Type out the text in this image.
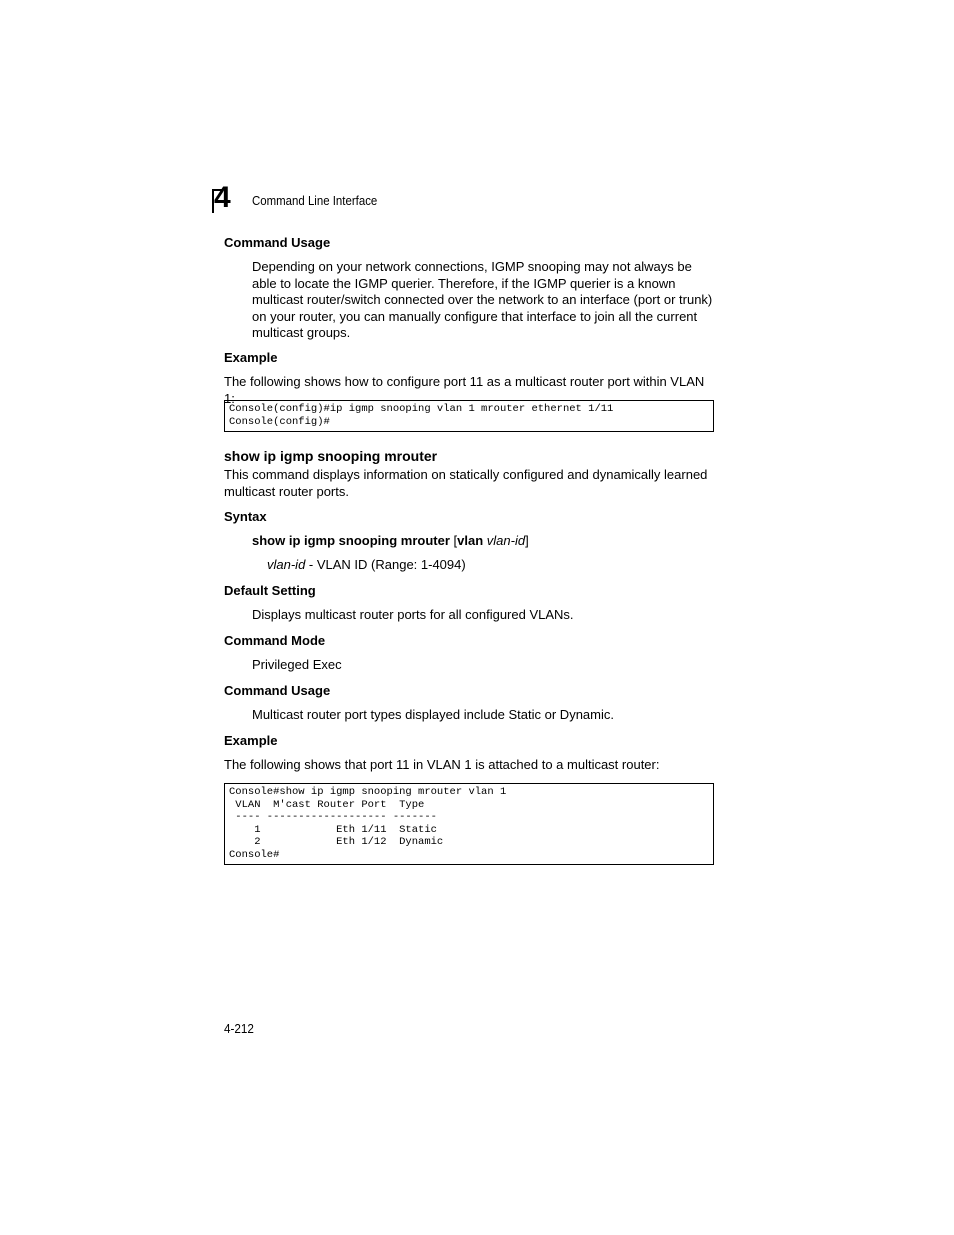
4 Command Line Interface
Command Usage
Depending on your network connections, IGMP snooping may not always be able to locate the IGMP querier. Therefore, if the IGMP querier is a known multicast router/switch connected over the network to an interface (port or trunk) on your router, you can manually configure that interface to join all the current multicast groups.
Example
The following shows how to configure port 11 as a multicast router port within VLAN 1:
Console(config)#ip igmp snooping vlan 1 mrouter ethernet 1/11
Console(config)#
show ip igmp snooping mrouter
This command displays information on statically configured and dynamically learned multicast router ports.
Syntax
show ip igmp snooping mrouter [vlan vlan-id]
vlan-id - VLAN ID (Range: 1-4094)
Default Setting
Displays multicast router ports for all configured VLANs.
Command Mode
Privileged Exec
Command Usage
Multicast router port types displayed include Static or Dynamic.
Example
The following shows that port 11 in VLAN 1 is attached to a multicast router:
Console#show ip igmp snooping mrouter vlan 1
VLAN  M'cast Router Port  Type
---- ------------------- -------
1            Eth 1/11  Static
2            Eth 1/12  Dynamic
Console#
4-212
